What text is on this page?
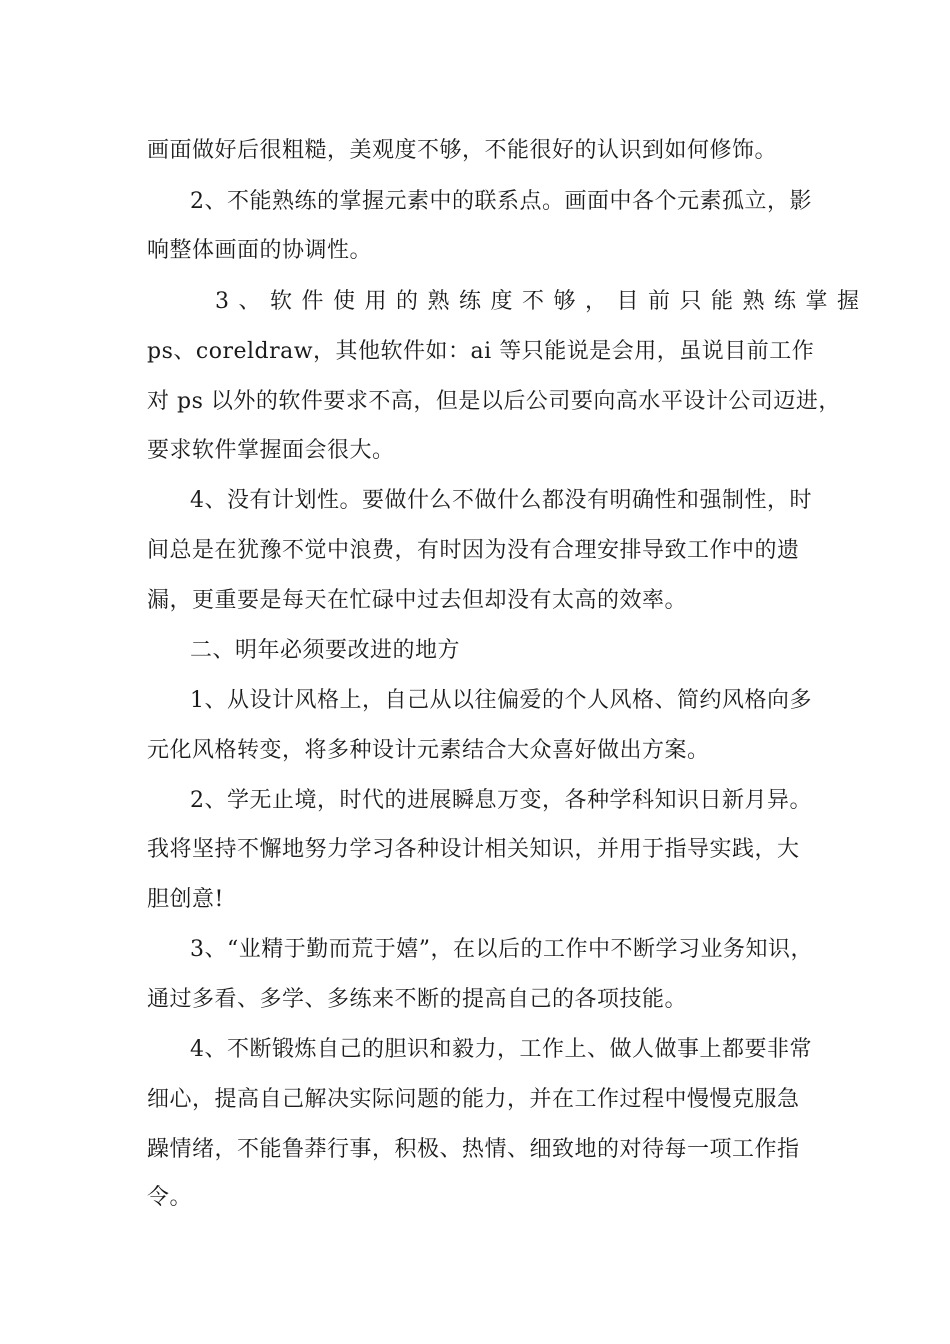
画面做好后很粗糙，美观度不够，不能很好的认识到如何修饰。
2、不能熟练的掌握元素中的联系点。画面中各个元素孤立，影
响整体画面的协调性。
3、软件使用的熟练度不够，目前只能熟练掌握
ps、coreldraw，其他软件如：ai 等只能说是会用，虽说目前工作
对 ps 以外的软件要求不高，但是以后公司要向高水平设计公司迈进，
要求软件掌握面会很大。
4、没有计划性。要做什么不做什么都没有明确性和强制性，时
间总是在犹豫不觉中浪费，有时因为没有合理安排导致工作中的遗
漏，更重要是每天在忙碌中过去但却没有太高的效率。
二、明年必须要改进的地方
1、从设计风格上，自己从以往偏爱的个人风格、简约风格向多
元化风格转变，将多种设计元素结合大众喜好做出方案。
2、学无止境，时代的进展瞬息万变，各种学科知识日新月异。
我将坚持不懈地努力学习各种设计相关知识，并用于指导实践，大
胆创意!
3、“业精于勤而荒于嬉”，在以后的工作中不断学习业务知识，
通过多看、多学、多练来不断的提高自己的各项技能。
4、不断锻炼自己的胆识和毅力，工作上、做人做事上都要非常
细心，提高自己解决实际问题的能力，并在工作过程中慢慢克服急
躁情绪，不能鲁莽行事，积极、热情、细致地的对待每一项工作指
令。
